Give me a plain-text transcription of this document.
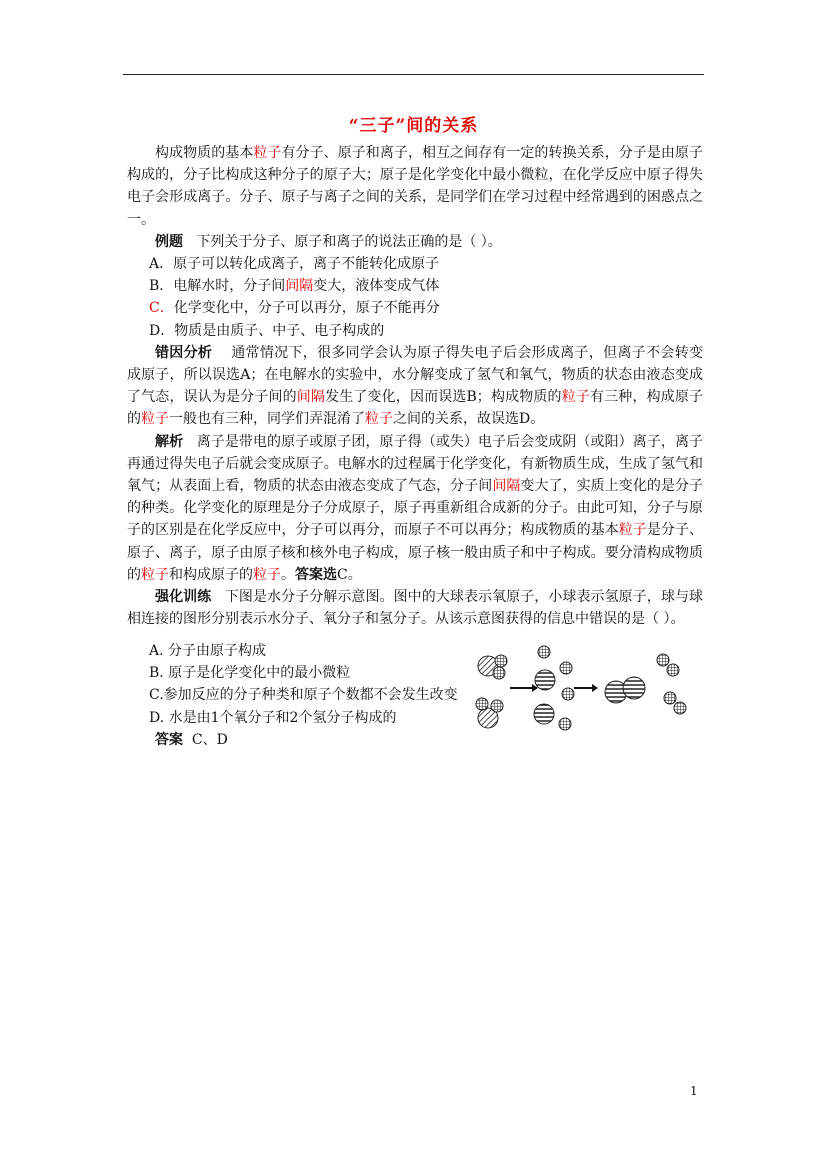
“三子”间的关系

构成物质的基本粒子有分子、原子和离子，相互之间存有一定的转换关系，分子是由原子构成的，分子比构成这种分子的原子大；原子是化学变化中最小微粒，在化学反应中原子得失电子会形成离子。分子、原子与离子之间的关系，是同学们在学习过程中经常遇到的困惑点之一。

例题 下列关于分子、原子和离子的说法正确的是（ ）。

A．原子可以转化成离子，离子不能转化成原子

B．电解水时，分子间间隔变大，液体变成气体

C．化学变化中，分子可以再分，原子不能再分

D．物质是由质子、中子、电子构成的

错因分析 通常情况下，很多同学会认为原子得失电子后会形成离子，但离子不会转变成原子，所以误选A；在电解水的实验中，水分解变成了氢气和氧气，物质的状态由液态变成了气态，误认为是分子间的间隔发生了变化，因而误选B；构成物质的粒子有三种，构成原子的粒子一般也有三种，同学们弄混淆了粒子之间的关系，故误选D。

解析 离子是带电的原子或原子团，原子得（或失）电子后会变成阴（或阳）离子，离子再通过得失电子后就会变成原子。电解水的过程属于化学变化，有新物质生成，生成了氢气和氧气；从表面上看，物质的状态由液态变成了气态，分子间间隔变大了，实质上变化的是分子的种类。化学变化的原理是分子分成原子，原子再重新组合成新的分子。由此可知，分子与原子的区别是在化学反应中，分子可以再分，而原子不可以再分；构成物质的基本粒子是分子、原子、离子，原子由原子核和核外电子构成，原子核一般由质子和中子构成。要分清构成物质的粒子和构成原子的粒子。答案选C。

强化训练 下图是水分子分解示意图。图中的大球表示氧原子，小球表示氢原子，球与球相连接的图形分别表示水分子、氧分子和氢分子。从该示意图获得的信息中错误的是（ ）。

A. 分子由原子构成

B. 原子是化学变化中的最小微粒

C.参加反应的分子种类和原子个数都不会发生改变

D. 水是由1个氧分子和2个氢分子构成的

答案 C、D

1
